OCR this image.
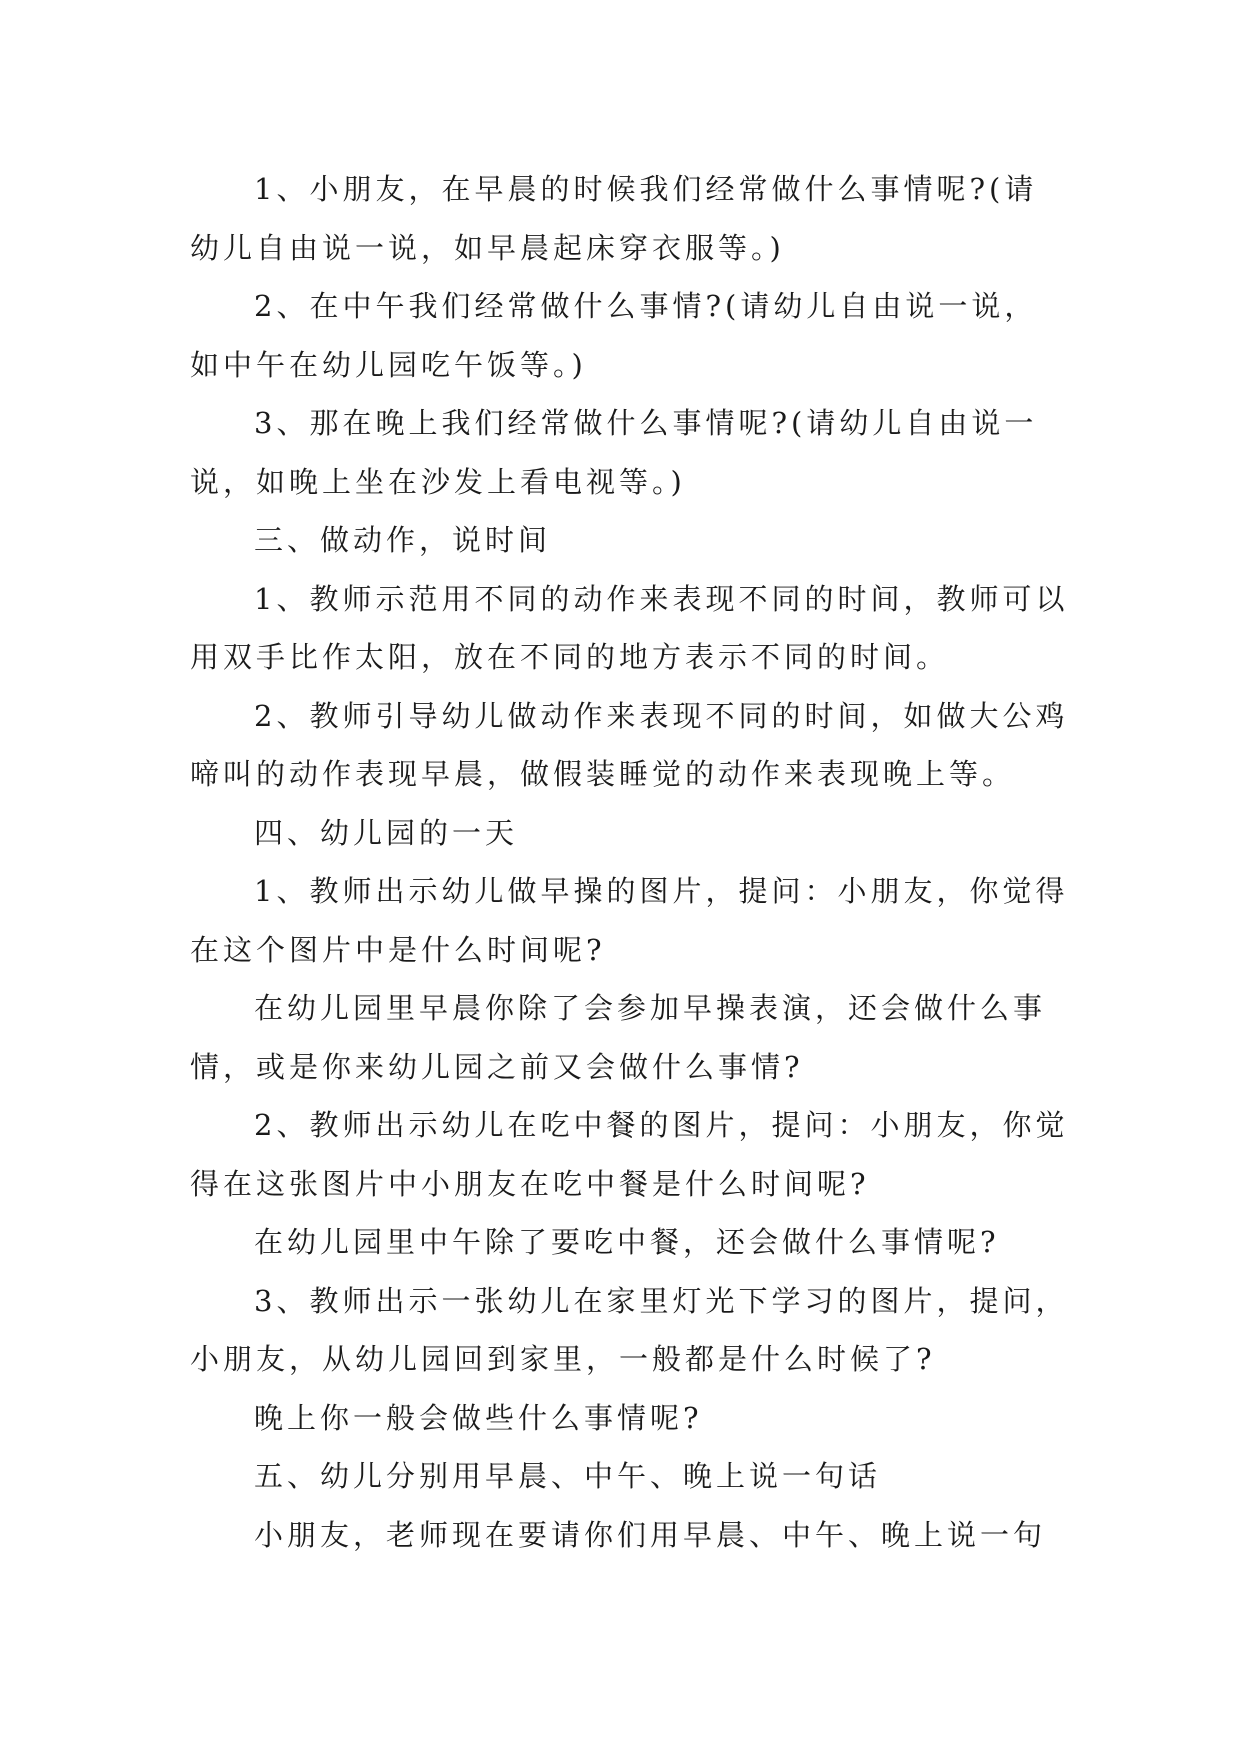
1、小朋友，在早晨的时候我们经常做什么事情呢?(请幼儿自由说一说，如早晨起床穿衣服等。)

2、在中午我们经常做什么事情?(请幼儿自由说一说，如中午在幼儿园吃午饭等。)

3、那在晚上我们经常做什么事情呢?(请幼儿自由说一说，如晚上坐在沙发上看电视等。)

三、做动作，说时间

1、教师示范用不同的动作来表现不同的时间，教师可以用双手比作太阳，放在不同的地方表示不同的时间。

2、教师引导幼儿做动作来表现不同的时间，如做大公鸡啼叫的动作表现早晨，做假装睡觉的动作来表现晚上等。

四、幼儿园的一天

1、教师出示幼儿做早操的图片，提问：小朋友，你觉得在这个图片中是什么时间呢?

在幼儿园里早晨你除了会参加早操表演，还会做什么事情，或是你来幼儿园之前又会做什么事情?

2、教师出示幼儿在吃中餐的图片，提问：小朋友，你觉得在这张图片中小朋友在吃中餐是什么时间呢?

在幼儿园里中午除了要吃中餐，还会做什么事情呢?

3、教师出示一张幼儿在家里灯光下学习的图片，提问，小朋友，从幼儿园回到家里，一般都是什么时候了?

晚上你一般会做些什么事情呢?

五、幼儿分别用早晨、中午、晚上说一句话

小朋友，老师现在要请你们用早晨、中午、晚上说一句
